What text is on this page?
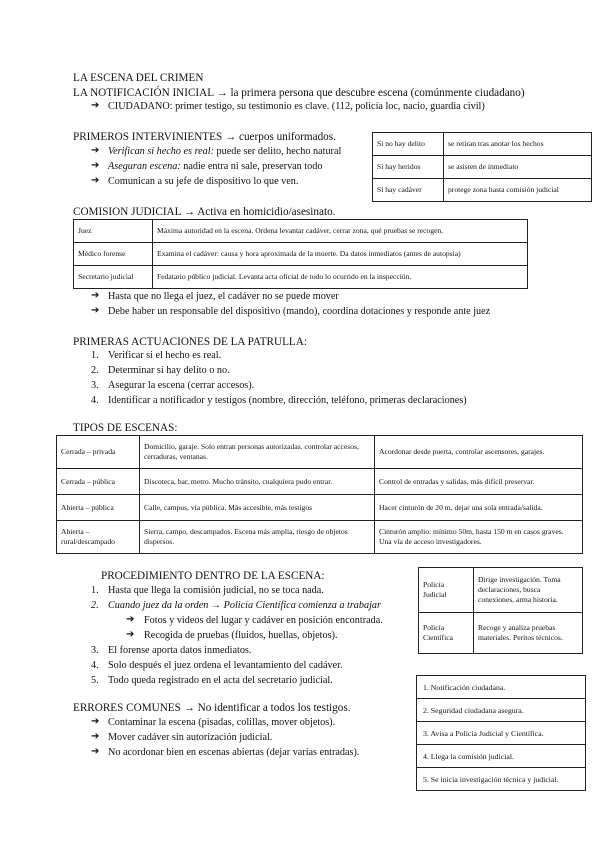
LA ESCENA DEL CRIMEN
LA NOTIFICACIÓN INICIAL → la primera persona que descubre escena (comúnmente ciudadano)
➔ CIUDADANO: primer testigo, su testimonio es clave. (112, policía loc, nacio, guardia civil)
PRIMEROS INTERVINIENTES → cuerpos uniformados.
➔ Verifican si hecho es real: puede ser delito, hecho natural
➔ Aseguran escena: nadie entra ni sale, preservan todo
➔ Comunican a su jefe de dispositivo lo que ven.
Si no hay delito	se retiran tras anotar los hechos
Si hay heridos	se asisten de inmediato
Si hay cadáver	protege zona hasta comisión judicial
COMISION JUDICIAL → Activa en homicidio/asesinato.
Juez	Máxima autoridad en la escena. Ordena levantar cadáver, cerrar zona, qué pruebas se recogen.
Médico forense	Examina el cadáver: causa y hora aproximada de la muerte. Da datos inmediatos (antes de autopsia)
Secretario judicial	Fedatario público judicial. Levanta acta oficial de todo lo ocurrido en la inspección.
➔ Hasta que no llega el juez, el cadáver no se puede mover
➔ Debe haber un responsable del dispositivo (mando), coordina dotaciones y responde ante juez
PRIMERAS ACTUACIONES DE LA PATRULLA:
1. Verificar si el hecho es real.
2. Determinar si hay delito o no.
3. Asegurar la escena (cerrar accesos).
4. Identificar a notificador y testigos (nombre, dirección, teléfono, primeras declaraciones)
TIPOS DE ESCENAS:
Cerrada – privada	Domicilio, garaje. Solo entran personas autorizadas. controlar accesos, cerraduras, ventanas.	Acordonar desde puerta, controlar ascensores, garajes.
Cerrada – pública	Discoteca, bar, metro. Mucho tránsito, cualquiera pudo entrar.	Control de entradas y salidas, más difícil preservar.
Abierta – pública	Calle, campus, vía pública. Más accesible, más testigos	Hacer cinturón de 20 m, dejar una sola entrada/salida.
Abierta – rural/descampado	Sierra, campo, descampados. Escena más amplia, riesgo de objetos dispersos.	Cinturón amplio: mínimo 50m, hasta 150 m en casos graves. Una vía de acceso investigadores.
PROCEDIMIENTO DENTRO DE LA ESCENA:
1. Hasta que llega la comisión judicial, no se toca nada.
2. Cuando juez da la orden → Policía Científica comienza a trabajar
➔ Fotos y videos del lugar y cadáver en posición encontrada.
➔ Recogida de pruebas (fluidos, huellas, objetos).
3. El forense aporta datos inmediatos.
4. Solo después el juez ordena el levantamiento del cadáver.
5. Todo queda registrado en el acta del secretario judicial.
Policía Judicial	Dirige investigación. Toma declaraciones, busca conexiones, arma historia.
Policía Científica	Recoge y analiza pruebas materiales. Peritos técnicos.
ERRORES COMUNES → No identificar a todos los testigos.
➔ Contaminar la escena (pisadas, colillas, mover objetos).
➔ Mover cadáver sin autorización judicial.
➔ No acordonar bien en escenas abiertas (dejar varias entradas).
1. Notificación ciudadana.
2. Seguridad ciudadana asegura.
3. Avisa a Policía Judicial y Científica.
4. Llega la comisión judicial.
5. Se inicia investigación técnica y judicial.
